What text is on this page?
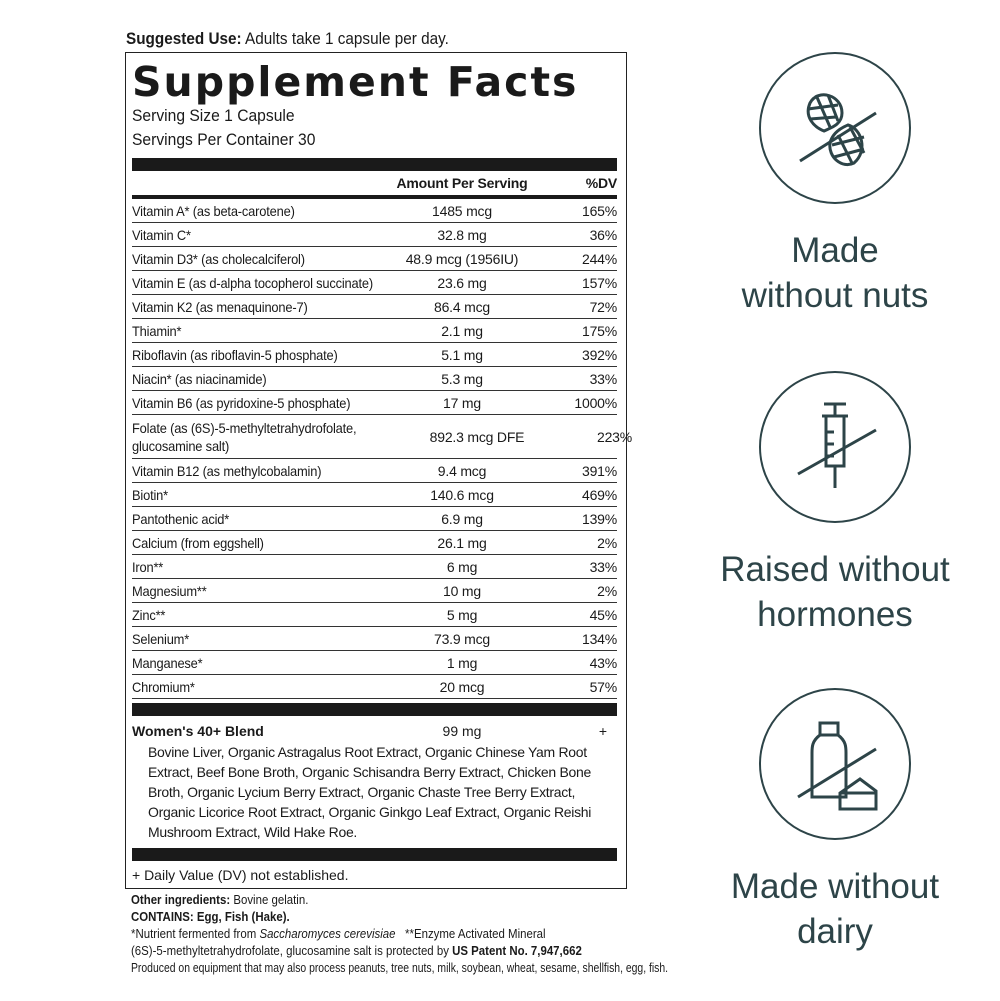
Suggested Use: Adults take 1 capsule per day.
Supplement Facts
Serving Size 1 Capsule
Servings Per Container 30
Amount Per Serving	%DV
Vitamin A* (as beta-carotene)	1485 mcg	165%
Vitamin C*	32.8 mg	36%
Vitamin D3* (as cholecalciferol)	48.9 mcg (1956IU)	244%
Vitamin E (as d-alpha tocopherol succinate)	23.6 mg	157%
Vitamin K2 (as menaquinone-7)	86.4 mcg	72%
Thiamin*	2.1 mg	175%
Riboflavin (as riboflavin-5 phosphate)	5.1 mg	392%
Niacin* (as niacinamide)	5.3 mg	33%
Vitamin B6 (as pyridoxine-5 phosphate)	17 mg	1000%
Folate (as (6S)-5-methyltetrahydrofolate, glucosamine salt)
892.3 mcg DFE	223%
Vitamin B12 (as methylcobalamin)	9.4 mcg	391%
Biotin*	140.6 mcg	469%
Pantothenic acid*	6.9 mg	139%
Calcium (from eggshell)	26.1 mg	2%
Iron**	6 mg	33%
Magnesium**	10 mg	2%
Zinc**	5 mg	45%
Selenium*	73.9 mcg	134%
Manganese*	1 mg	43%
Chromium*	20 mcg	57%
Women's 40+ Blend	99 mg	+
Bovine Liver, Organic Astragalus Root Extract, Organic Chinese Yam Root Extract, Beef Bone Broth, Organic Schisandra Berry Extract, Chicken Bone Broth, Organic Lycium Berry Extract, Organic Chaste Tree Berry Extract, Organic Licorice Root Extract, Organic Ginkgo Leaf Extract, Organic Reishi Mushroom Extract, Wild Hake Roe.
+ Daily Value (DV) not established.
Other ingredients: Bovine gelatin.
CONTAINS: Egg, Fish (Hake).
*Nutrient fermented from Saccharomyces cerevisiae   **Enzyme Activated Mineral
(6S)-5-methyltetrahydrofolate, glucosamine salt is protected by US Patent No. 7,947,662
Produced on equipment that may also process peanuts, tree nuts, milk, soybean, wheat, sesame, shellfish, egg, fish.
Made
without nuts
Raised without
hormones
Made without
dairy
